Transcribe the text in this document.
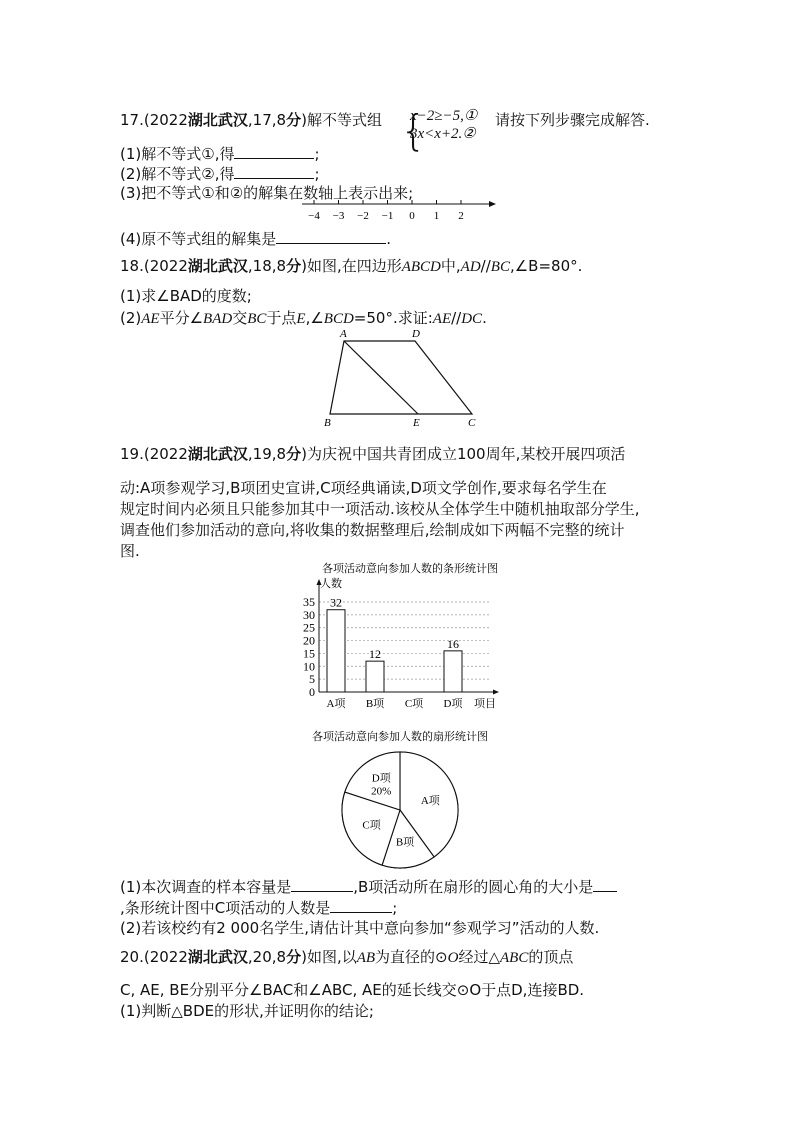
17.(2022湖北武汉,17,8分)解不等式组 {
x−2≥−5,①
3x<x+2.②
请按下列步骤完成解答.
(1)解不等式①,得	;
(2)解不等式②,得	;
(3)把不等式①和②的解集在数轴上表示出来;
−4 −3 −2 −1 0 1 2
(4)原不等式组的解集是	.
18.(2022湖北武汉,18,8分)如图,在四边形ABCD中,AD//BC,∠B=80°.
(1)求∠BAD的度数;
(2)AE平分∠BAD交BC于点E,∠BCD=50°.求证:AE//DC.
A	D
B	E	C
19.(2022湖北武汉,19,8分)为庆祝中国共青团成立100周年,某校开展四项活
动:A项参观学习,B项团史宣讲,C项经典诵读,D项文学创作,要求每名学生在
规定时间内必须且只能参加其中一项活动.该校从全体学生中随机抽取部分学生,
调查他们参加活动的意向,将收集的数据整理后,绘制成如下两幅不完整的统计
图.
各项活动意向参加人数的条形统计图
人数
0
5
10
15
20
25
30
35 32
A项
12
B项 C项
16
D项 项目
各项活动意向参加人数的扇形统计图
A项
B项
C项
D项
20%
(1)本次调查的样本容量是	,B项活动所在扇形的圆心角的大小是
,条形统计图中C项活动的人数是	;
(2)若该校约有2 000名学生,请估计其中意向参加“参观学习”活动的人数.
20.(2022湖北武汉,20,8分)如图,以AB为直径的⊙O经过△ABC的顶点
C, AE, BE分别平分∠BAC和∠ABC, AE的延长线交⊙O于点D,连接BD.
(1)判断△BDE的形状,并证明你的结论;
